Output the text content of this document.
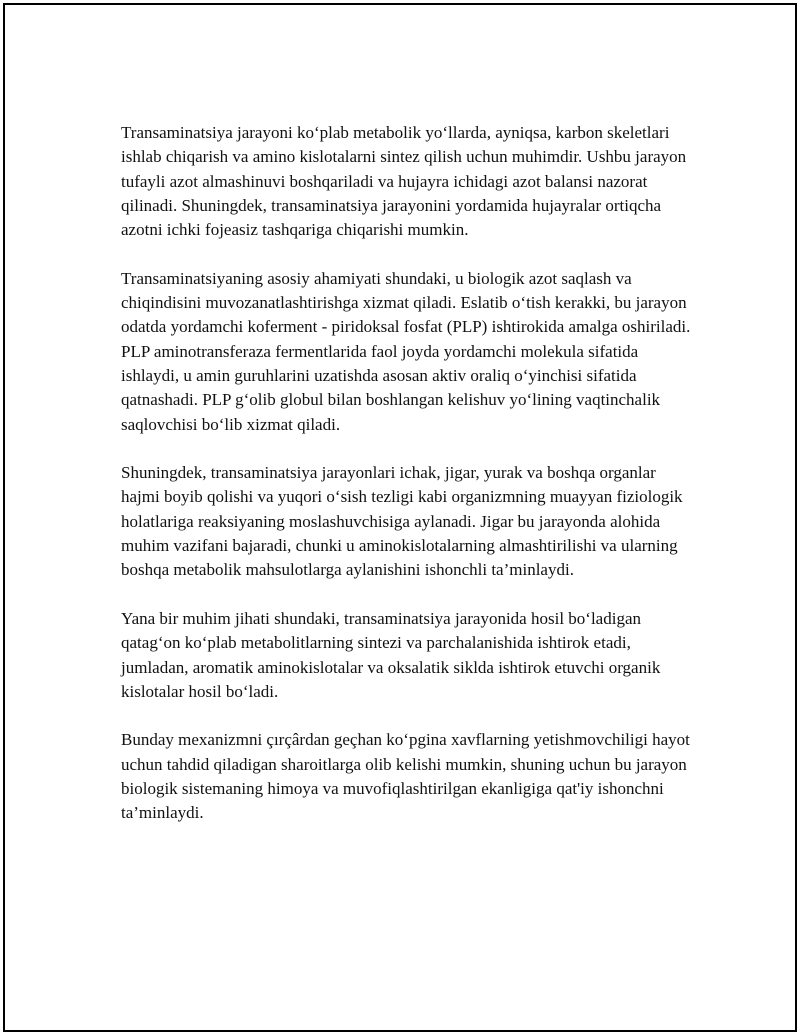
Transaminatsiya jarayoni ko‘plab metabolik yo‘llarda, ayniqsa, karbon skeletlari ishlab chiqarish va amino kislotalarni sintez qilish uchun muhimdir. Ushbu jarayon tufayli azot almashinuvi boshqariladi va hujayra ichidagi azot balansi nazorat qilinadi. Shuningdek, transaminatsiya jarayonini yordamida hujayralar ortiqcha azotni ichki fojeasiz tashqariga chiqarishi mumkin.

Transaminatsiyaning asosiy ahamiyati shundaki, u biologik azot saqlash va chiqindisini muvozanatlashtirishga xizmat qiladi. Eslatib o‘tish kerakki, bu jarayon odatda yordamchi koferment - piridoksal fosfat (PLP) ishtirokida amalga oshiriladi. PLP aminotransferaza fermentlarida faol joyda yordamchi molekula sifatida ishlaydi, u amin guruhlarini uzatishda asosan aktiv oraliq o‘yinchisi sifatida qatnashadi. PLP g‘olib globul bilan boshlangan kelishuv yo‘lining vaqtinchalik saqlovchisi bo‘lib xizmat qiladi.

Shuningdek, transaminatsiya jarayonlari ichak, jigar, yurak va boshqa organlar hajmi boyib qolishi va yuqori o‘sish tezligi kabi organizmning muayyan fiziologik holatlariga reaksiyaning moslashuvchisiga aylanadi. Jigar bu jarayonda alohida muhim vazifani bajaradi, chunki u aminokislotalarning almashtirilishi va ularning boshqa metabolik mahsulotlarga aylanishini ishonchli ta’minlaydi.

Yana bir muhim jihati shundaki, transaminatsiya jarayonida hosil bo‘ladigan qatag‘on ko‘plab metabolitlarning sintezi va parchalanishida ishtirok etadi, jumladan, aromatik aminokislotalar va oksalatik siklda ishtirok etuvchi organik kislotalar hosil bo‘ladi.

Bunday mexanizmni çırçârdan geçhan ko‘pgina xavflarning yetishmovchiligi hayot uchun tahdid qiladigan sharoitlarga olib kelishi mumkin, shuning uchun bu jarayon biologik sistemaning himoya va muvofiqlashtirilgan ekanligiga qat'iy ishonchni ta’minlaydi.
